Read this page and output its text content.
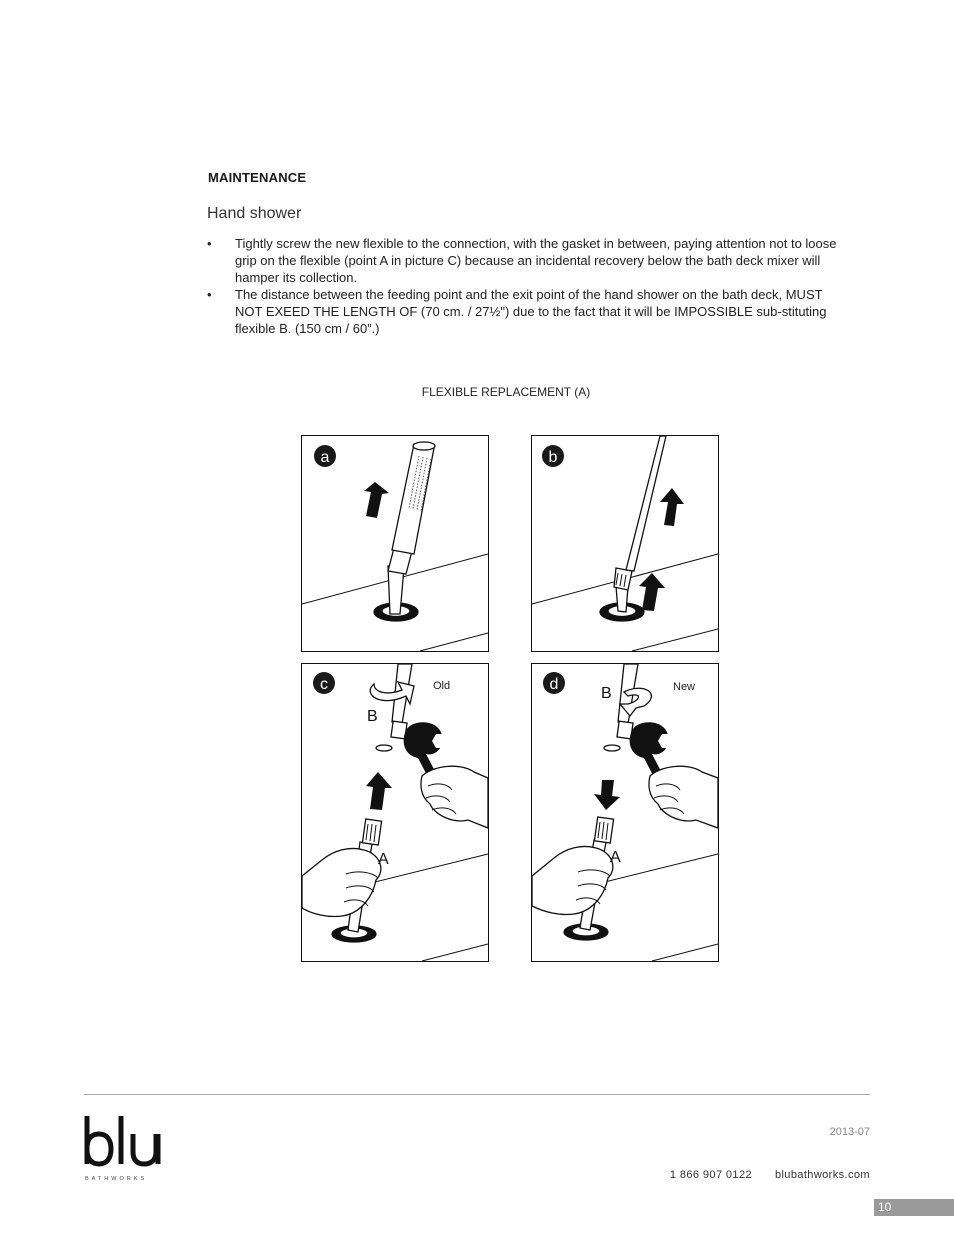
MAINTENANCE
Hand shower
• Tightly screw the new flexible to the connection, with the gasket in between, paying attention not to loose grip on the flexible (point A in picture C) because an incidental recovery below the bath deck mixer will hamper its collection.
• The distance between the feeding point and the exit point of the hand shower on the bath deck, MUST NOT EXEED THE LENGTH OF (70 cm. / 27½") due to the fact that it will be IMPOSSIBLE sub-stituting flexible B. (150 cm / 60”.)
FLEXIBLE REPLACEMENT (A)
a	b
c	Old
B
A
d	New
B
A
BATHWORKS
2013-07
1 866 907 0122	blubathworks.com
10
